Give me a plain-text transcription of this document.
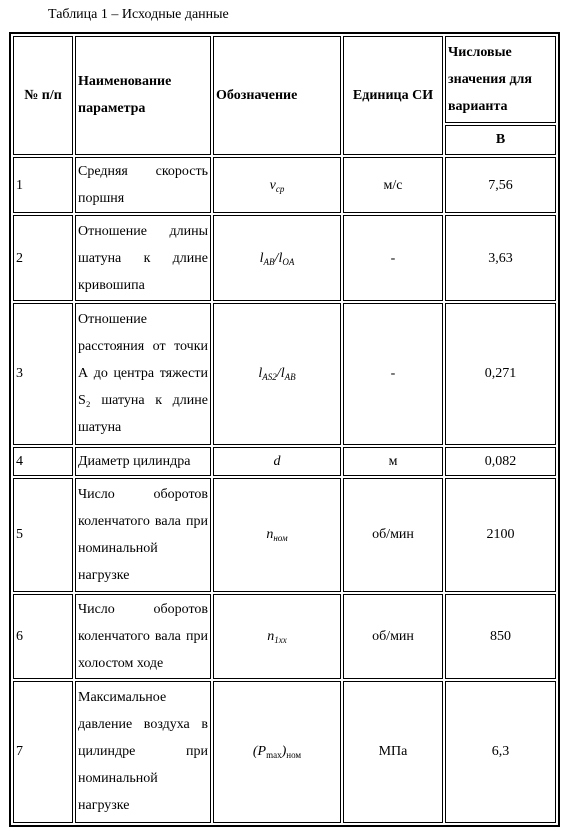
Таблица 1 – Исходные данные
№ п/п	Наименование параметра	Обозначение	Единица СИ	Числовые значения для варианта
				В
1	Средняя скорость поршня	$v_{ср}$	м/с	7,56
2	Отношение длины шатуна к длине кривошипа	$l_{AB}/l_{OA}$	-	3,63
3	Отношение расстояния от точки А до центра тяжести S₂ шатуна к длине шатуна	$l_{AS2}/l_{AB}$	-	0,271
4	Диаметр цилиндра	d	м	0,082
5	Число оборотов коленчатого вала при номинальной нагрузке	$n_{ном}$	об/мин	2100
6	Число оборотов коленчатого вала при холостом ходе	$n_{1хх}$	об/мин	850
7	Максимальное давление воздуха в цилиндре при номинальной нагрузке	$(P_{max})_{ном}$	МПа	6,3
